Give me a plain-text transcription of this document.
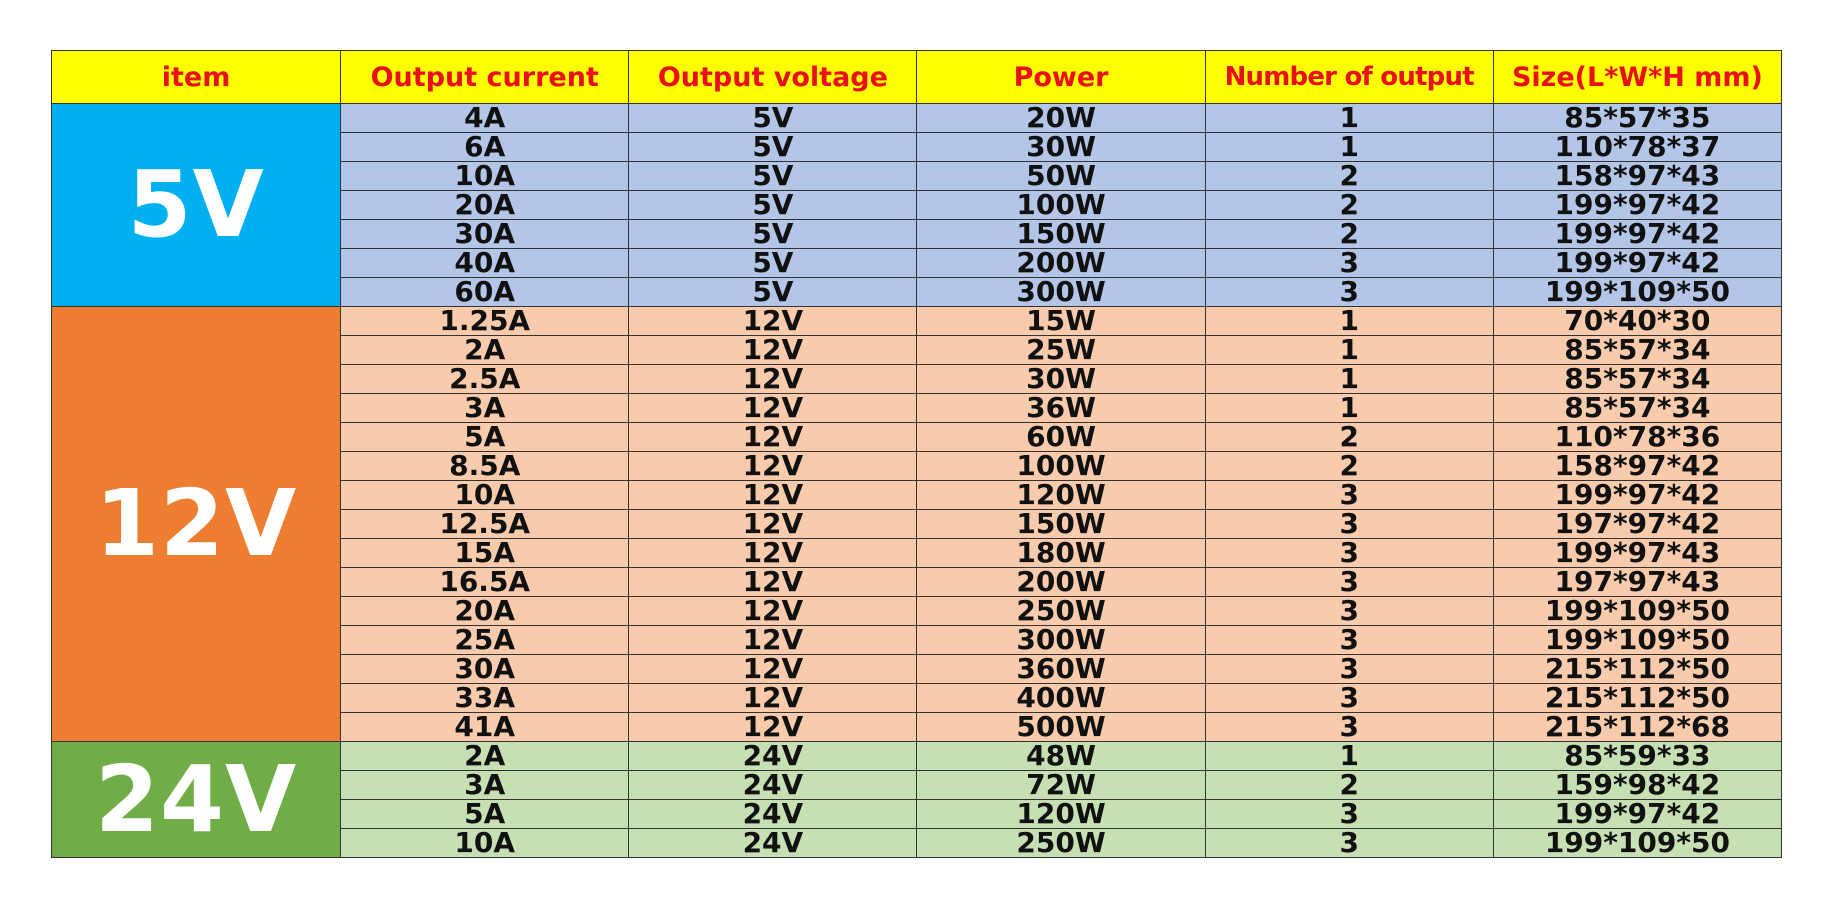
item	Output current	Output voltage	Power	Number of output	Size(L*W*H mm)
5V	4A	5V	20W	1	85*57*35
	6A	5V	30W	1	110*78*37
	10A	5V	50W	2	158*97*43
	20A	5V	100W	2	199*97*42
	30A	5V	150W	2	199*97*42
	40A	5V	200W	3	199*97*42
	60A	5V	300W	3	199*109*50
12V	1.25A	12V	15W	1	70*40*30
	2A	12V	25W	1	85*57*34
	2.5A	12V	30W	1	85*57*34
	3A	12V	36W	1	85*57*34
	5A	12V	60W	2	110*78*36
	8.5A	12V	100W	2	158*97*42
	10A	12V	120W	3	199*97*42
	12.5A	12V	150W	3	197*97*42
	15A	12V	180W	3	199*97*43
	16.5A	12V	200W	3	197*97*43
	20A	12V	250W	3	199*109*50
	25A	12V	300W	3	199*109*50
	30A	12V	360W	3	215*112*50
	33A	12V	400W	3	215*112*50
	41A	12V	500W	3	215*112*68
24V	2A	24V	48W	1	85*59*33
	3A	24V	72W	2	159*98*42
	5A	24V	120W	3	199*97*42
	10A	24V	250W	3	199*109*50
